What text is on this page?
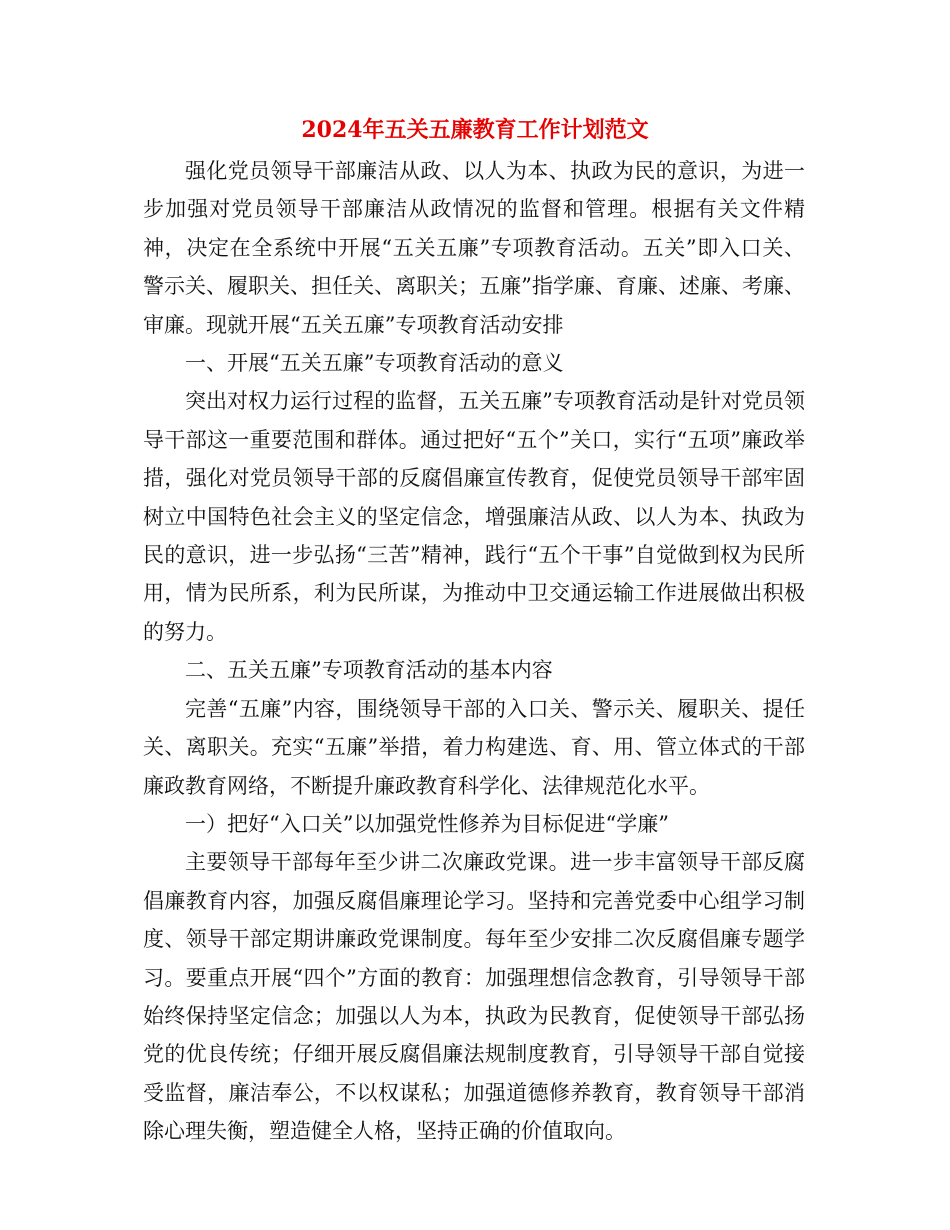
2024年五关五廉教育工作计划范文

强化党员领导干部廉洁从政、以人为本、执政为民的意识，为进一步加强对党员领导干部廉洁从政情况的监督和管理。根据有关文件精神，决定在全系统中开展“五关五廉”专项教育活动。五关”即入口关、警示关、履职关、担任关、离职关；五廉”指学廉、育廉、述廉、考廉、审廉。现就开展“五关五廉”专项教育活动安排

一、开展“五关五廉”专项教育活动的意义

突出对权力运行过程的监督，五关五廉”专项教育活动是针对党员领导干部这一重要范围和群体。通过把好“五个”关口，实行“五项”廉政举措，强化对党员领导干部的反腐倡廉宣传教育，促使党员领导干部牢固树立中国特色社会主义的坚定信念，增强廉洁从政、以人为本、执政为民的意识，进一步弘扬“三苦”精神，践行“五个干事”自觉做到权为民所用，情为民所系，利为民所谋，为推动中卫交通运输工作进展做出积极的努力。

二、五关五廉”专项教育活动的基本内容

完善“五廉”内容，围绕领导干部的入口关、警示关、履职关、提任关、离职关。充实“五廉”举措，着力构建选、育、用、管立体式的干部廉政教育网络，不断提升廉政教育科学化、法律规范化水平。

一）把好“入口关”以加强党性修养为目标促进“学廉”

主要领导干部每年至少讲二次廉政党课。进一步丰富领导干部反腐倡廉教育内容，加强反腐倡廉理论学习。坚持和完善党委中心组学习制度、领导干部定期讲廉政党课制度。每年至少安排二次反腐倡廉专题学习。要重点开展“四个”方面的教育：加强理想信念教育，引导领导干部始终保持坚定信念；加强以人为本，执政为民教育，促使领导干部弘扬党的优良传统；仔细开展反腐倡廉法规制度教育，引导领导干部自觉接受监督，廉洁奉公，不以权谋私；加强道德修养教育，教育领导干部消除心理失衡，塑造健全人格，坚持正确的价值取向。
